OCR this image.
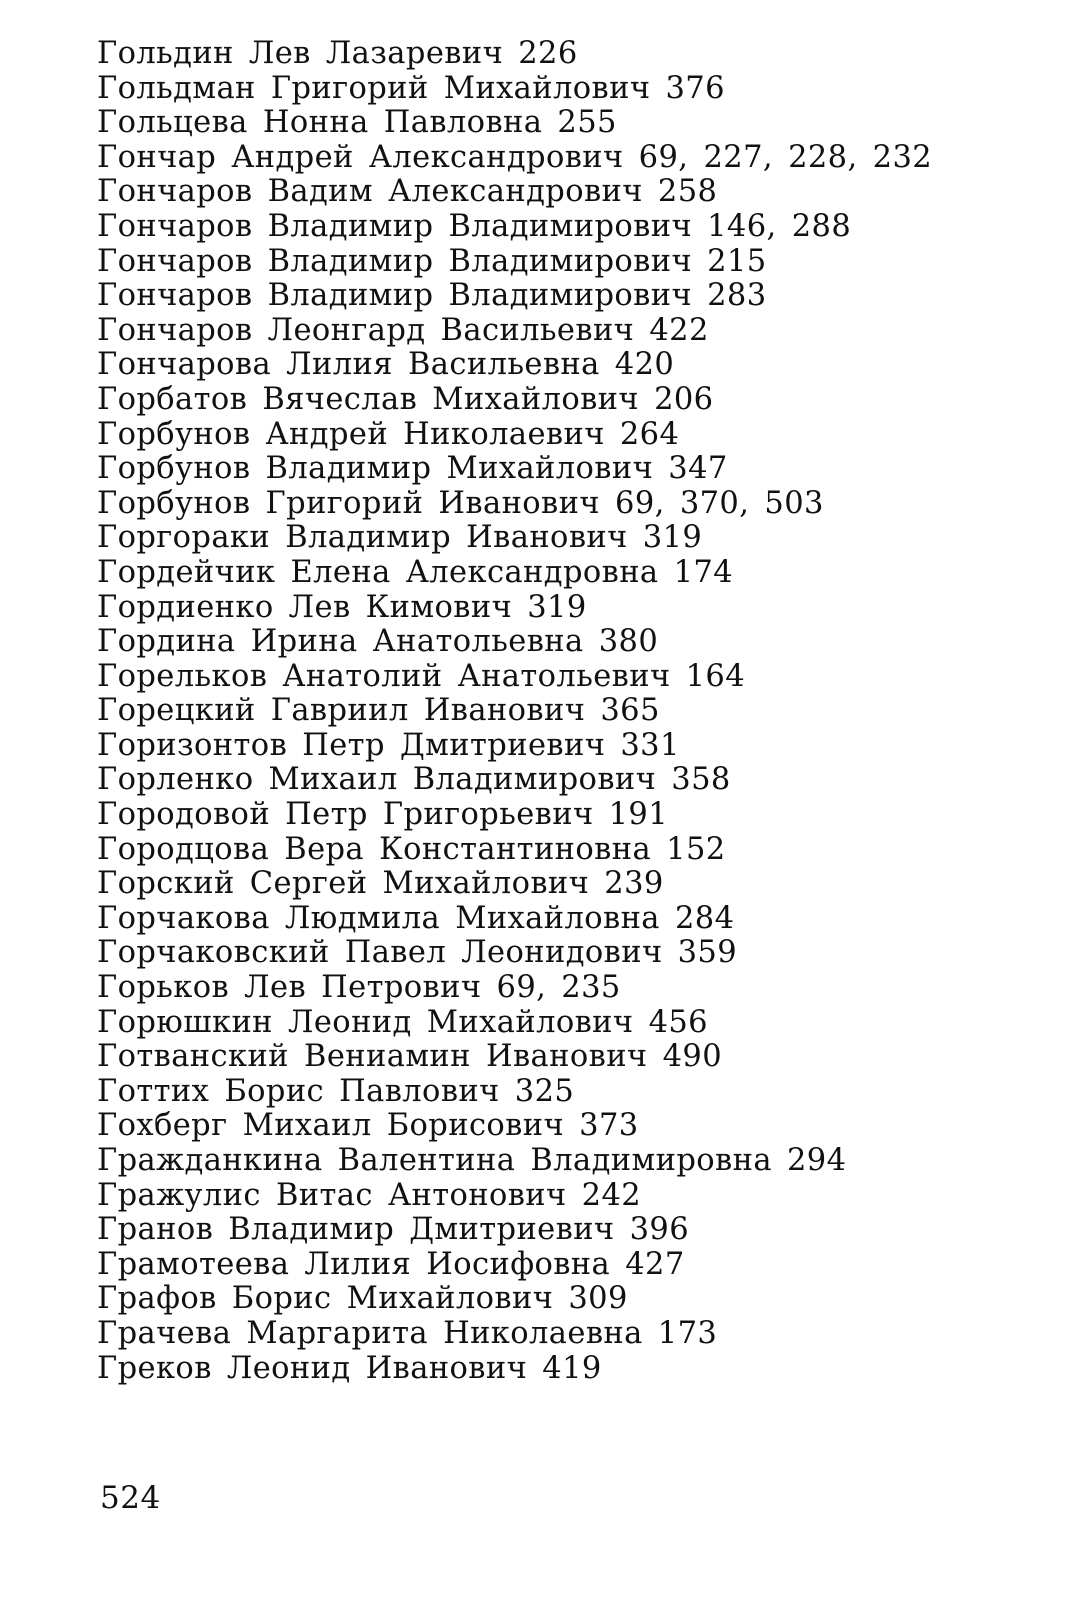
Гольдин Лев Лазаревич 226
Гольдман Григорий Михайлович 376
Гольцева Нонна Павловна 255
Гончар Андрей Александрович 69, 227, 228, 232
Гончаров Вадим Александрович 258
Гончаров Владимир Владимирович 146, 288
Гончаров Владимир Владимирович 215
Гончаров Владимир Владимирович 283
Гончаров Леонгард Васильевич 422
Гончарова Лилия Васильевна 420
Горбатов Вячеслав Михайлович 206
Горбунов Андрей Николаевич 264
Горбунов Владимир Михайлович 347
Горбунов Григорий Иванович 69, 370, 503
Горгораки Владимир Иванович 319
Гордейчик Елена Александровна 174
Гордиенко Лев Кимович 319
Гордина Ирина Анатольевна 380
Горельков Анатолий Анатольевич 164
Горецкий Гавриил Иванович 365
Горизонтов Петр Дмитриевич 331
Горленко Михаил Владимирович 358
Городовой Петр Григорьевич 191
Городцова Вера Константиновна 152
Горский Сергей Михайлович 239
Горчакова Людмила Михайловна 284
Горчаковский Павел Леонидович 359
Горьков Лев Петрович 69, 235
Горюшкин Леонид Михайлович 456
Готванский Вениамин Иванович 490
Готтих Борис Павлович 325
Гохберг Михаил Борисович 373
Гражданкина Валентина Владимировна 294
Гражулис Витас Антонович 242
Гранов Владимир Дмитриевич 396
Грамотеева Лилия Иосифовна 427
Графов Борис Михайлович 309
Грачева Маргарита Николаевна 173
Греков Леонид Иванович 419
524
